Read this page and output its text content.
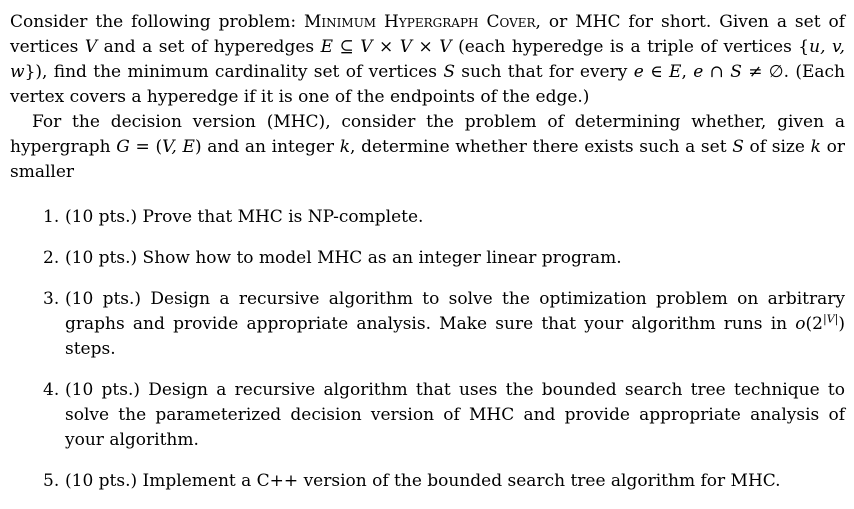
Consider the following problem: Minimum Hypergraph Cover, or MHC for short. Given a set of vertices V and a set of hyperedges E ⊆ V × V × V (each hyperedge is a triple of vertices {u, v, w}), find the minimum cardinality set of vertices S such that for every e ∈ E, e ∩ S ≠ ∅. (Each vertex covers a hyperedge if it is one of the endpoints of the edge.)

For the decision version (MHC), consider the problem of determining whether, given a hypergraph G = (V, E) and an integer k, determine whether there exists such a set S of size k or smaller

1. (10 pts.) Prove that MHC is NP-complete.
2. (10 pts.) Show how to model MHC as an integer linear program.
3. (10 pts.) Design a recursive algorithm to solve the optimization problem on arbitrary graphs and provide appropriate analysis. Make sure that your algorithm runs in $o(2^{|V|})$ steps.
4. (10 pts.) Design a recursive algorithm that uses the bounded search tree technique to solve the parameterized decision version of MHC and provide appropriate analysis of your algorithm.
5. (10 pts.) Implement a C++ version of the bounded search tree algorithm for MHC.
